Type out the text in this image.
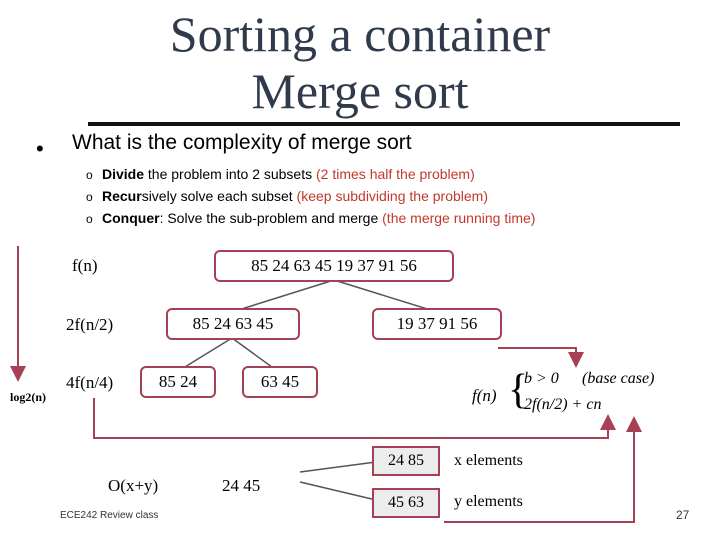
Sorting a container
Merge sort
• What is the complexity of merge sort
o Divide the problem into 2 subsets (2 times half the problem)
o Recursively solve each subset (keep subdividing the problem)
o Conquer: Solve the sub-problem and merge (the merge running time)
f(n)
2f(n/2)
4f(n/4)
log2(n)
85 24 63 45 19 37 91 56
85 24 63 45	19 37 91 56
85 24	63 45
f(n) {
b > 0 (base case)
2f(n/2) + cn
O(x+y)	24 45
24 85
45 63
x elements
y elements
ECE242 Review class	27
